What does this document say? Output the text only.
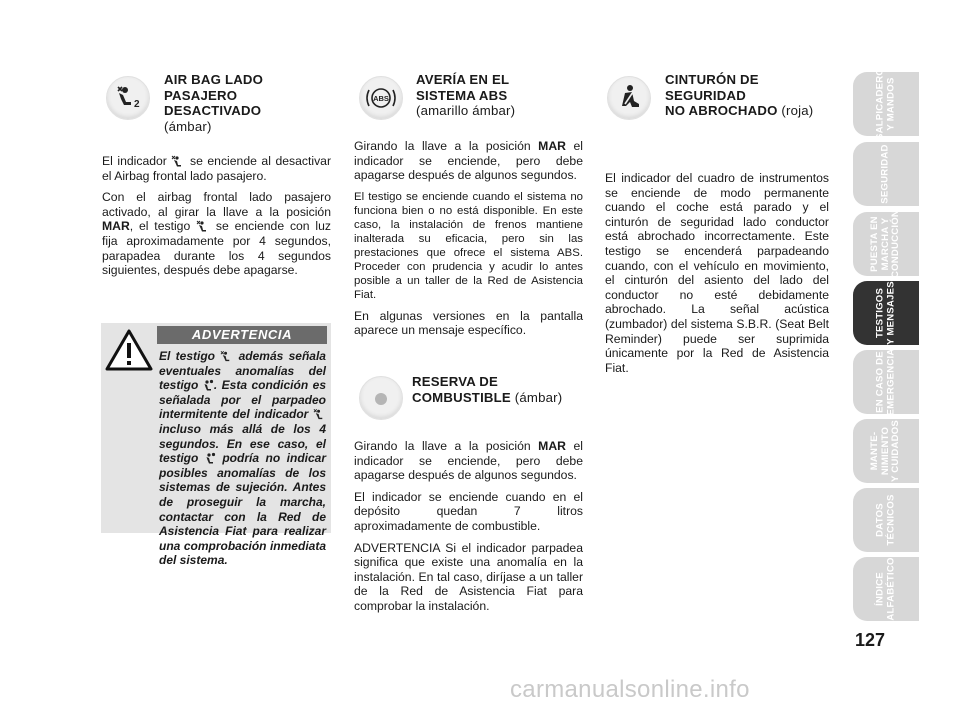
2
AIR BAG LADO
PASAJERO
DESACTIVADO
(ámbar)

El indicador se enciende al desactivar el Airbag frontal lado pasajero.

Con el airbag frontal lado pasajero activado, al girar la llave a la posición MAR, el testigo se enciende con luz fija aproximadamente por 4 segundos, parapadea durante los 4 segundos siguientes, después debe apagarse.

ADVERTENCIA
El testigo además señala eventuales anomalías del testigo . Esta condición es señalada por el parpadeo intermitente del indicador  incluso más allá de los 4 segundos. En ese caso, el testigo podría no indicar posibles anomalías de los sistemas de sujeción. Antes de proseguir la marcha, contactar con la Red de Asistencia Fiat para realizar una comprobación inmediata del sistema.
ABS
AVERÍA EN EL
SISTEMA ABS
(amarillo ámbar)

Girando la llave a la posición MAR el indicador se enciende, pero debe apagarse después de algunos segundos.

El testigo se enciende cuando el sistema no funciona bien o no está disponible. En este caso, la instalación de frenos mantiene inalterada su eficacia, pero sin las prestaciones que ofrece el sistema ABS. Proceder con prudencia y acudir lo antes posible a un taller de la Red de Asistencia Fiat.

En algunas versiones en la pantalla aparece un mensaje específico.

RESERVA DE
COMBUSTIBLE (ámbar)

Girando la llave a la posición MAR el indicador se enciende, pero debe apagarse después de algunos segundos.

El indicador se enciende cuando en el depósito quedan 7 litros aproximadamente de combustible.

ADVERTENCIA Si el indicador parpadea significa que existe una anomalía en la instalación. En tal caso, diríjase a un taller de la Red de Asistencia Fiat para comprobar la instalación.

CINTURÓN DE
SEGURIDAD
NO ABROCHADO (roja)

El indicador del cuadro de instrumentos se enciende de modo permanente cuando el coche está parado y el cinturón de seguridad lado conductor está abrochado incorrectamente. Este testigo se encenderá parpadeando cuando, con el vehículo en movimiento, el cinturón del asiento del lado del conductor no esté debidamente abrochado. La señal acústica (zumbador) del sistema S.B.R. (Seat Belt Reminder) puede ser suprimida únicamente por la Red de Asistencia Fiat.

SALPICADERO
Y MANDOS
SEGURIDAD
PUESTA EN
MARCHA Y
CONDUCCIÓN
TESTIGOS
Y MENSAJES
EN CASO DE
EMERGENCIA
MANTE-
NIMIENTO
Y CUIDADOS
DATOS
TÉCNICOS
ÍNDICE
ALFABÉTICO
127
carmanualsonline.info
